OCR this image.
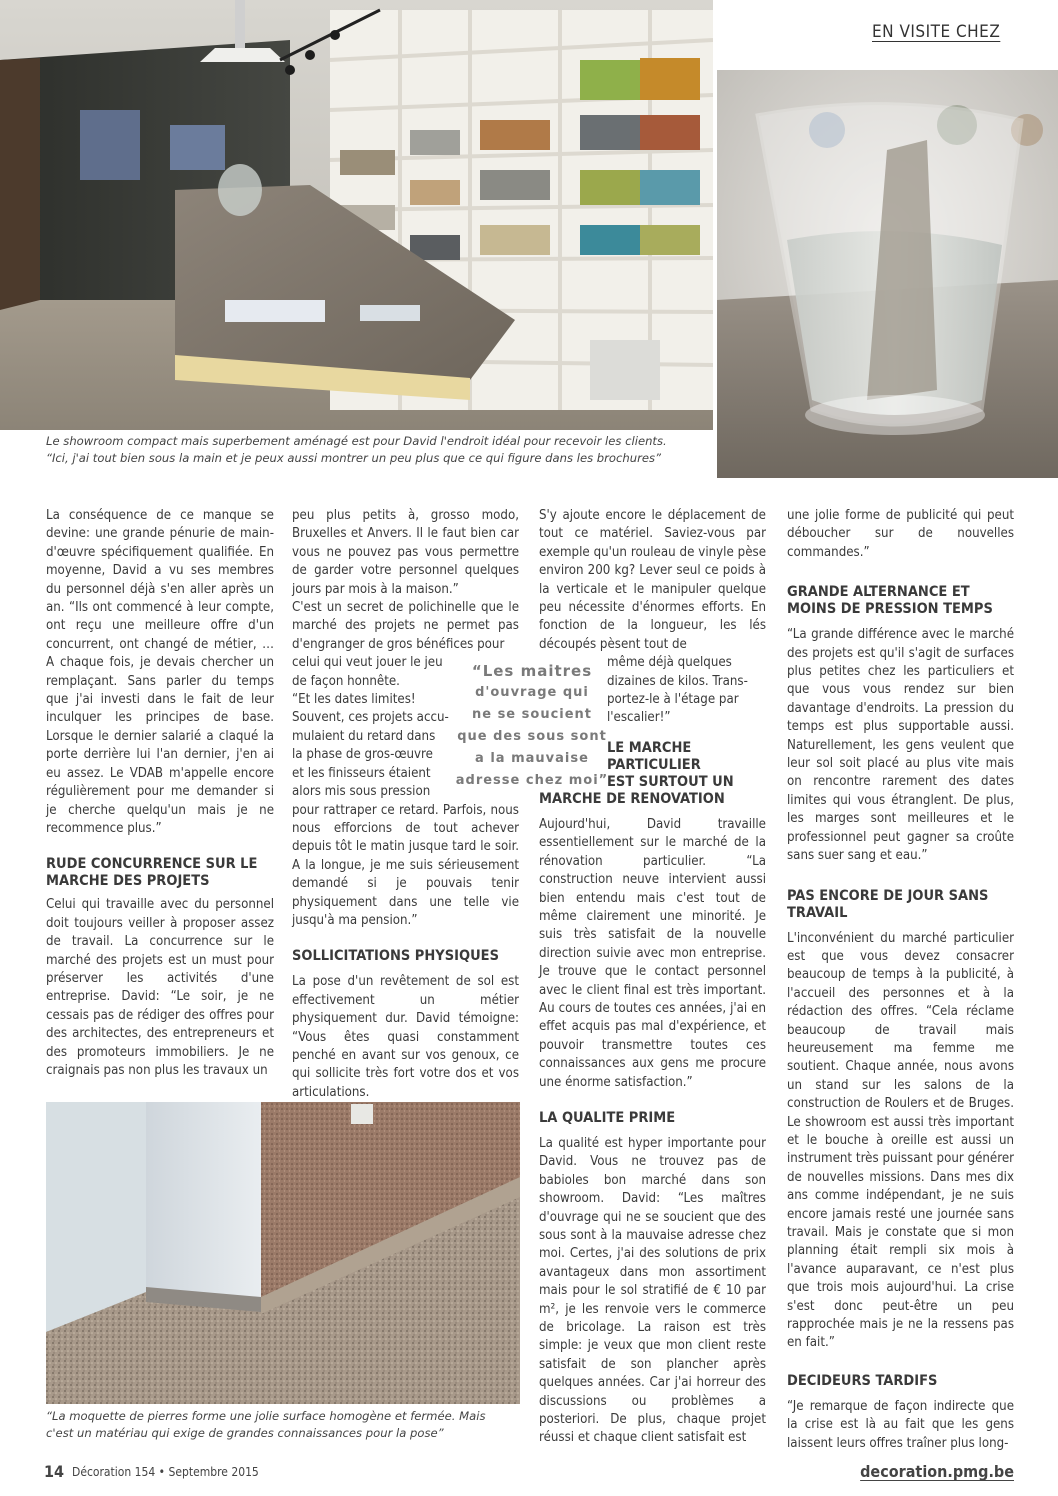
EN VISITE CHEZ
Le showroom compact mais superbement aménagé est pour David l'endroit idéal pour recevoir les clients.
“Ici, j'ai tout bien sous la main et je peux aussi montrer un peu plus que ce qui figure dans les brochures”

La conséquence de ce manque se devine: une grande pénurie de main-d'œuvre spécifiquement qualifiée. En moyenne, David a vu ses membres du personnel déjà s'en aller après un an. “Ils ont commencé à leur compte, ont reçu une meilleure offre d'un concurrent, ont changé de métier, … A chaque fois, je devais chercher un remplaçant. Sans parler du temps que j'ai investi dans le fait de leur inculquer les principes de base. Lorsque le dernier salarié a claqué la porte derrière lui l'an dernier, j'en ai eu assez. Le VDAB m'appelle encore régulièrement pour me demander si je cherche quelqu'un mais je ne recommence plus.”

RUDE CONCURRENCE SUR LE MARCHE DES PROJETS

Celui qui travaille avec du personnel doit toujours veiller à proposer assez de travail. La concurrence sur le marché des projets est un must pour préserver les activités d'une entreprise. David: “Le soir, je ne cessais pas de rédiger des offres pour des architectes, des entrepreneurs et des promoteurs immobiliers. Je ne craignais pas non plus les travaux un

peu plus petits à, grosso modo, Bruxelles et Anvers. Il le faut bien car vous ne pouvez pas vous permettre de garder votre personnel quelques jours par mois à la maison.”

C'est un secret de polichinelle que le marché des projets ne permet pas d'engranger de gros bénéfices pour

celui qui veut jouer le jeu

de façon honnête.

“Et les dates limites!

Souvent, ces projets accu-

mulaient du retard dans

la phase de gros-œuvre

et les finisseurs étaient

alors mis sous pression

pour rattraper ce retard. Parfois, nous nous efforcions de tout achever depuis tôt le matin jusque tard le soir. A la longue, je me suis sérieusement demandé si je pouvais tenir physiquement dans une telle vie jusqu'à ma pension.”

SOLLICITATIONS PHYSIQUES

La pose d'un revêtement de sol est effectivement un métier physiquement dur. David témoigne: “Vous êtes quasi constamment penché en avant sur vos genoux, ce qui sollicite très fort votre dos et vos articulations.

“Les maitres
d'ouvrage qui
ne se soucient
que des sous sont
a la mauvaise
adresse chez moi”

S'y ajoute encore le déplacement de tout ce matériel. Saviez-vous par exemple qu'un rouleau de vinyle pèse environ 200 kg? Lever seul ce poids à la verticale et le manipuler quelque peu nécessite d'énormes efforts. En fonction de la longueur, les lés découpés pèsent tout de

même déjà quelques

dizaines de kilos. Trans-

portez-le à l'étage par

l'escalier!”

LE MARCHE
PARTICULIER
EST SURTOUT UN
MARCHE DE RENOVATION

Aujourd'hui, David travaille essentiellement sur le marché de la rénovation particulier. “La construction neuve intervient aussi bien entendu mais c'est tout de même clairement une minorité. Je suis très satisfait de la nouvelle direction suivie avec mon entreprise. Je trouve que le contact personnel avec le client final est très important. Au cours de toutes ces années, j'ai en effet acquis pas mal d'expérience, et pouvoir transmettre toutes ces connaissances aux gens me procure une énorme satisfaction.”

LA QUALITE PRIME

La qualité est hyper importante pour David. Vous ne trouvez pas de babioles bon marché dans son showroom. David: “Les maîtres d'ouvrage qui ne se soucient que des sous sont à la mauvaise adresse chez moi. Certes, j'ai des solutions de prix avantageux dans mon assortiment mais pour le sol stratifié de € 10 par m², je les renvoie vers le commerce de bricolage. La raison est très simple: je veux que mon client reste satisfait de son plancher après quelques années. Car j'ai horreur des discussions ou problèmes a posteriori. De plus, chaque projet réussi et chaque client satisfait est

une jolie forme de publicité qui peut déboucher sur de nouvelles commandes.”

GRANDE ALTERNANCE ET MOINS DE PRESSION TEMPS

“La grande différence avec le marché des projets est qu'il s'agit de surfaces plus petites chez les particuliers et que vous vous rendez sur bien davantage d'endroits. La pression du temps est plus supportable aussi. Naturellement, les gens veulent que leur sol soit placé au plus vite mais on rencontre rarement des dates limites qui vous étranglent. De plus, les marges sont meilleures et le professionnel peut gagner sa croûte sans suer sang et eau.”

PAS ENCORE DE JOUR SANS TRAVAIL

L'inconvénient du marché particulier est que vous devez consacrer beaucoup de temps à la publicité, à l'accueil des personnes et à la rédaction des offres. “Cela réclame beaucoup de travail mais heureusement ma femme me soutient. Chaque année, nous avons un stand sur les salons de la construction de Roulers et de Bruges. Le showroom est aussi très important et le bouche à oreille est aussi un instrument très puissant pour générer de nouvelles missions. Dans mes dix ans comme indépendant, je ne suis encore jamais resté une journée sans travail. Mais je constate que si mon planning était rempli six mois à l'avance auparavant, ce n'est plus que trois mois aujourd'hui. La crise s'est donc peut-être un peu rapprochée mais je ne la ressens pas en fait.”

DECIDEURS TARDIFS

“Je remarque de façon indirecte que la crise est là au fait que les gens laissent leurs offres traîner plus long-

“La moquette de pierres forme une jolie surface homogène et fermée. Mais
c'est un matériau qui exige de grandes connaissances pour la pose”
14 Décoration 154 • Septembre 2015	decoration.pmg.be
